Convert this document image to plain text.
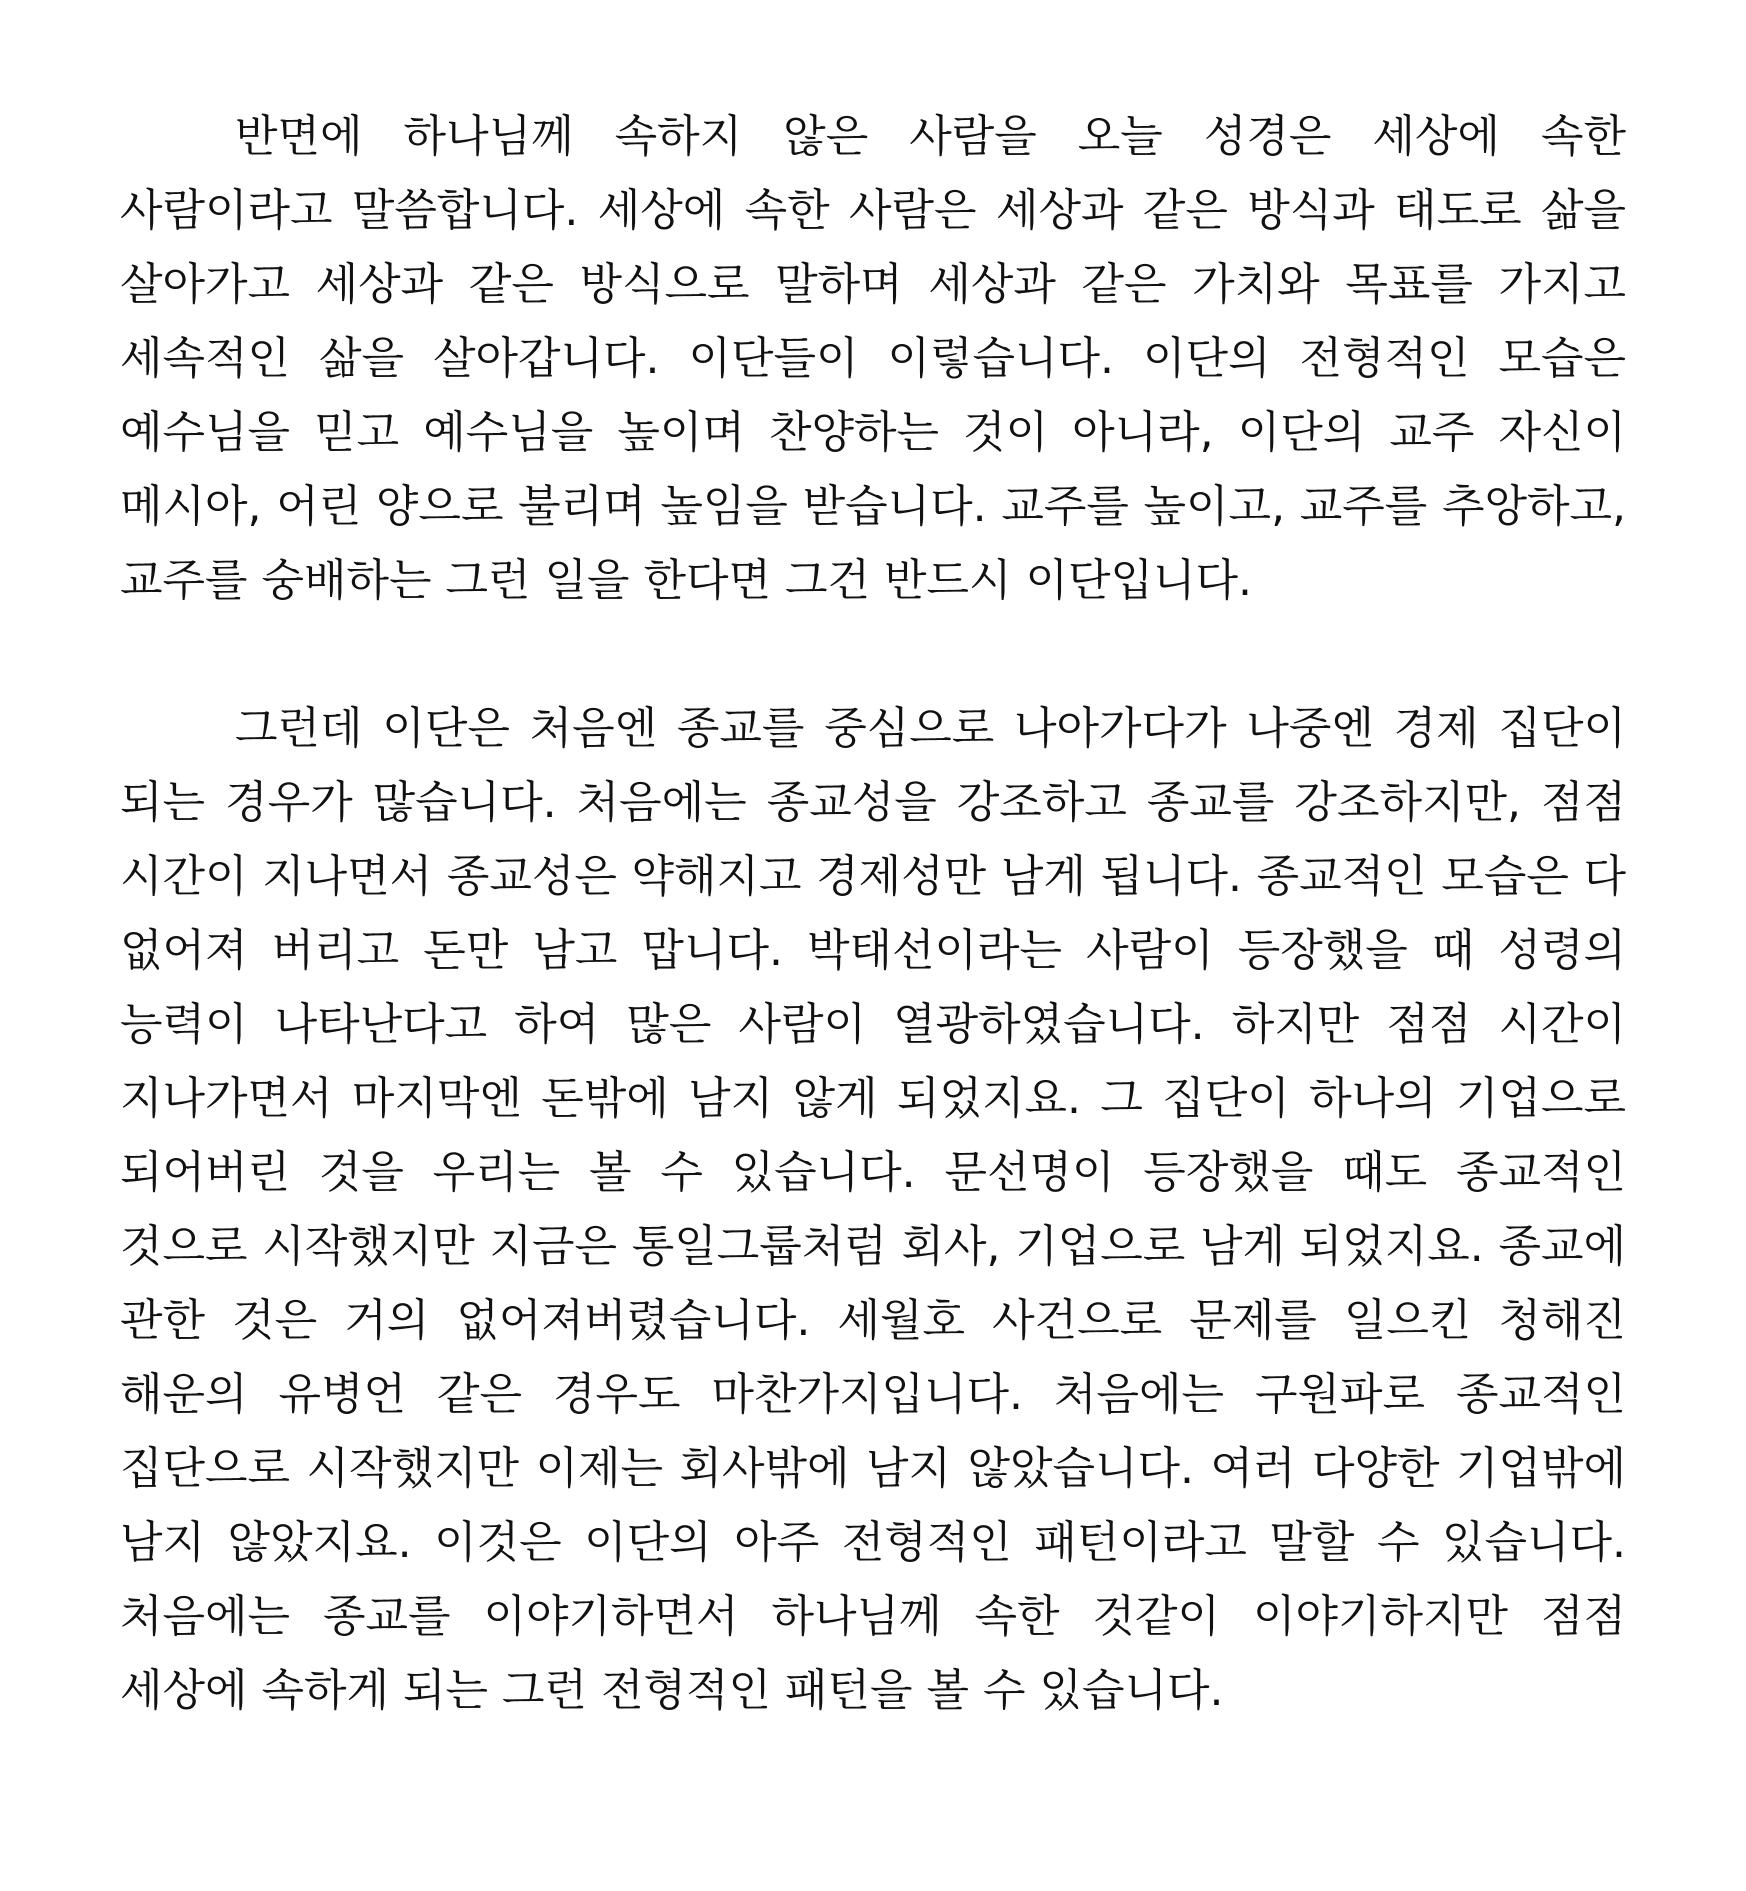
반면에 하나님께 속하지 않은 사람을 오늘 성경은 세상에 속한 사람이라고 말씀합니다. 세상에 속한 사람은 세상과 같은 방식과 태도로 삶을 살아가고 세상과 같은 방식으로 말하며 세상과 같은 가치와 목표를 가지고 세속적인 삶을 살아갑니다. 이단들이 이렇습니다. 이단의 전형적인 모습은 예수님을 믿고 예수님을 높이며 찬양하는 것이 아니라, 이단의 교주 자신이 메시아, 어린 양으로 불리며 높임을 받습니다. 교주를 높이고, 교주를 추앙하고, 교주를 숭배하는 그런 일을 한다면 그건 반드시 이단입니다.

그런데 이단은 처음엔 종교를 중심으로 나아가다가 나중엔 경제 집단이 되는 경우가 많습니다. 처음에는 종교성을 강조하고 종교를 강조하지만, 점점 시간이 지나면서 종교성은 약해지고 경제성만 남게 됩니다. 종교적인 모습은 다 없어져 버리고 돈만 남고 맙니다. 박태선이라는 사람이 등장했을 때 성령의 능력이 나타난다고 하여 많은 사람이 열광하였습니다. 하지만 점점 시간이 지나가면서 마지막엔 돈밖에 남지 않게 되었지요. 그 집단이 하나의 기업으로 되어버린 것을 우리는 볼 수 있습니다. 문선명이 등장했을 때도 종교적인 것으로 시작했지만 지금은 통일그룹처럼 회사, 기업으로 남게 되었지요. 종교에 관한 것은 거의 없어져버렸습니다. 세월호 사건으로 문제를 일으킨 청해진 해운의 유병언 같은 경우도 마찬가지입니다. 처음에는 구원파로 종교적인 집단으로 시작했지만 이제는 회사밖에 남지 않았습니다. 여러 다양한 기업밖에 남지 않았지요. 이것은 이단의 아주 전형적인 패턴이라고 말할 수 있습니다. 처음에는 종교를 이야기하면서 하나님께 속한 것같이 이야기하지만 점점 세상에 속하게 되는 그런 전형적인 패턴을 볼 수 있습니다.
